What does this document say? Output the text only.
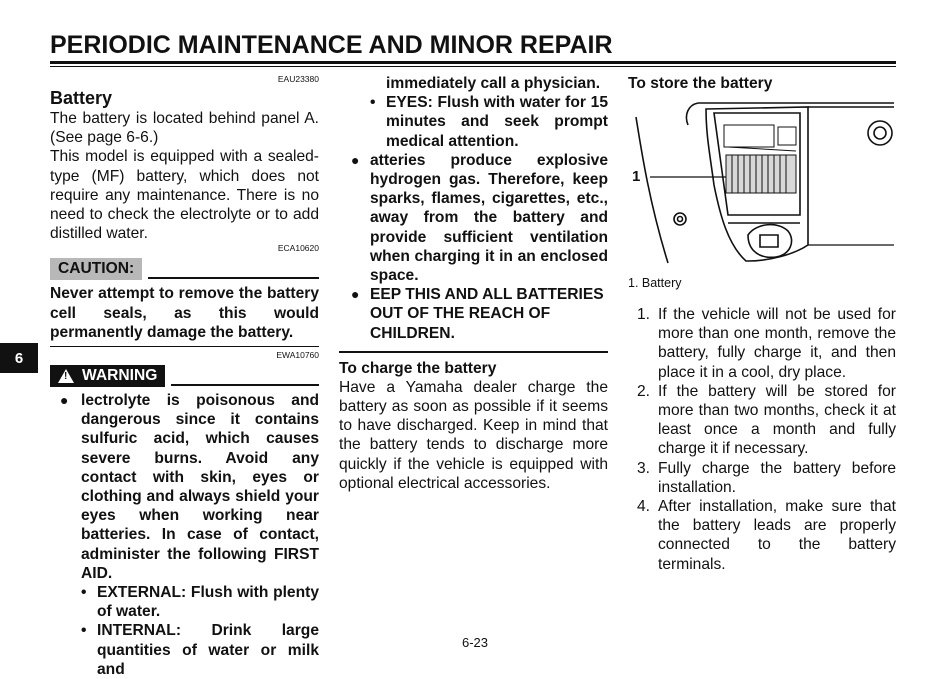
PERIODIC MAINTENANCE AND MINOR REPAIR
6
EAU23380
Battery

The battery is located behind panel A. (See page 6-6.)

This model is equipped with a sealed-type (MF) battery, which does not require any maintenance. There is no need to check the electrolyte or to add distilled water.

ECA10620
CAUTION:

Never attempt to remove the battery cell seals, as this would permanently damage the battery.

EWA10760
! WARNING
● lectrolyte is poisonous and dangerous since it contains sulfuric acid, which causes severe burns. Avoid any contact with skin, eyes or clothing and always shield your eyes when working near batteries. In case of contact, administer the following FIRST AID.
• EXTERNAL: Flush with plenty of water.
• INTERNAL: Drink large quantities of water or milk and
immediately call a physician.
• EYES: Flush with water for 15 minutes and seek prompt medical attention.
● atteries produce explosive hydrogen gas. Therefore, keep sparks, flames, cigarettes, etc., away from the battery and provide sufficient ventilation when charging it in an enclosed space.
● EEP THIS AND ALL BATTERIES OUT OF THE REACH OF CHILDREN.
To charge the battery

Have a Yamaha dealer charge the battery as soon as possible if it seems to have discharged. Keep in mind that the battery tends to discharge more quickly if the vehicle is equipped with optional electrical accessories.

To store the battery
1
1. Battery
1. If the vehicle will not be used for more than one month, remove the battery, fully charge it, and then place it in a cool, dry place.
2. If the battery will be stored for more than two months, check it at least once a month and fully charge it if necessary.
3. Fully charge the battery before installation.
4. After installation, make sure that the battery leads are properly connected to the battery terminals.
6-23
